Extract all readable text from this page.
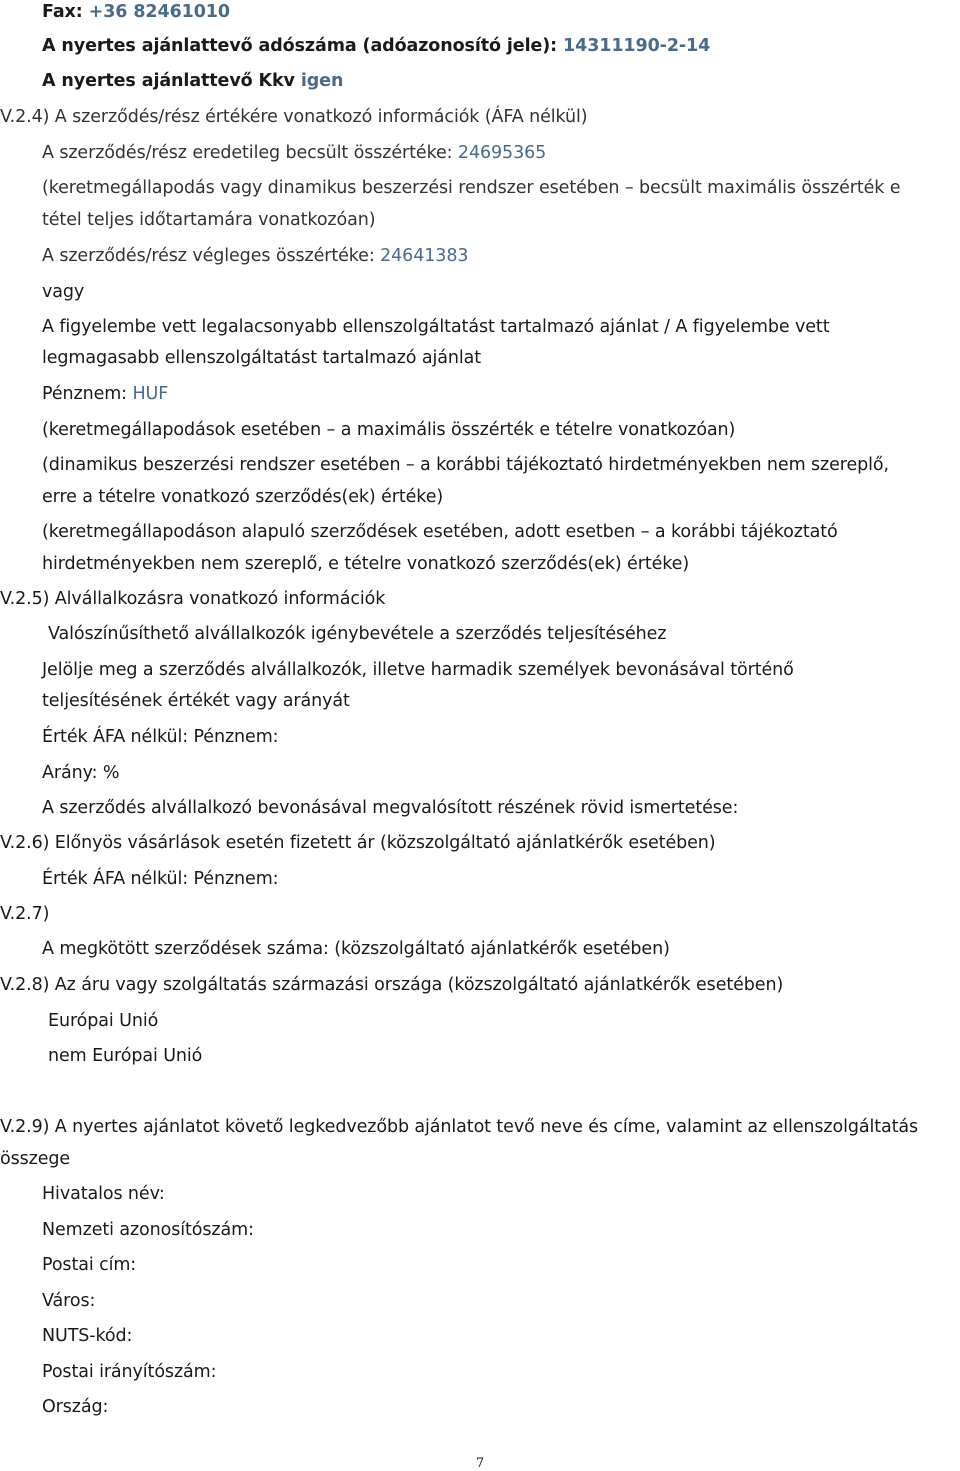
Fax: +36 82461010
A nyertes ajánlattevő adószáma (adóazonosító jele): 14311190-2-14
A nyertes ajánlattevő Kkv igen
V.2.4) A szerződés/rész értékére vonatkozó információk (ÁFA nélkül)
A szerződés/rész eredetileg becsült összértéke: 24695365
(keretmegállapodás vagy dinamikus beszerzési rendszer esetében – becsült maximális összérték e
tétel teljes időtartamára vonatkozóan)
A szerződés/rész végleges összértéke: 24641383
vagy
A figyelembe vett legalacsonyabb ellenszolgáltatást tartalmazó ajánlat / A figyelembe vett
legmagasabb ellenszolgáltatást tartalmazó ajánlat
Pénznem: HUF
(keretmegállapodások esetében – a maximális összérték e tételre vonatkozóan)
(dinamikus beszerzési rendszer esetében – a korábbi tájékoztató hirdetményekben nem szereplő,
erre a tételre vonatkozó szerződés(ek) értéke)
(keretmegállapodáson alapuló szerződések esetében, adott esetben – a korábbi tájékoztató
hirdetményekben nem szereplő, e tételre vonatkozó szerződés(ek) értéke)
V.2.5) Alvállalkozásra vonatkozó információk
Valószínűsíthető alvállalkozók igénybevétele a szerződés teljesítéséhez
Jelölje meg a szerződés alvállalkozók, illetve harmadik személyek bevonásával történő
teljesítésének értékét vagy arányát
Érték ÁFA nélkül: Pénznem:
Arány: %
A szerződés alvállalkozó bevonásával megvalósított részének rövid ismertetése:
V.2.6) Előnyös vásárlások esetén fizetett ár (közszolgáltató ajánlatkérők esetében)
Érték ÁFA nélkül: Pénznem:
V.2.7)
A megkötött szerződések száma: (közszolgáltató ajánlatkérők esetében)
V.2.8) Az áru vagy szolgáltatás származási országa (közszolgáltató ajánlatkérők esetében)
Európai Unió
nem Európai Unió
V.2.9) A nyertes ajánlatot követő legkedvezőbb ajánlatot tevő neve és címe, valamint az ellenszolgáltatás
összege
Hivatalos név:
Nemzeti azonosítószám:
Postai cím:
Város:
NUTS-kód:
Postai irányítószám:
Ország:
7
